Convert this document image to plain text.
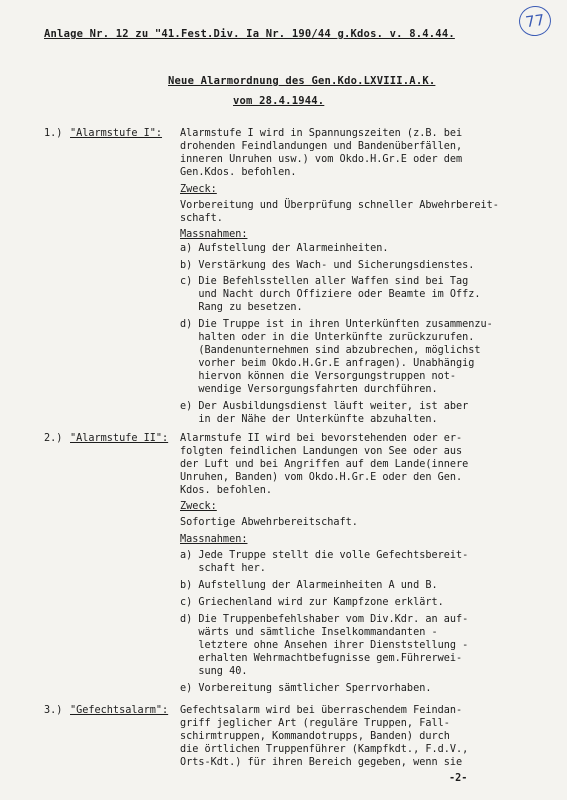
77
Anlage Nr. 12 zu "41.Fest.Div. Ia Nr. 190/44 g.Kdos. v. 8.4.44.
Neue Alarmordnung des Gen.Kdo.LXVIII.A.K.
vom 28.4.1944.
1.) "Alarmstufe I": Alarmstufe I wird in Spannungszeiten (z.B. bei
drohenden Feindlandungen und Bandenüberfällen,
inneren Unruhen usw.) vom Okdo.H.Gr.E oder dem
Gen.Kdos. befohlen.
Zweck:
Vorbereitung und Überprüfung schneller Abwehrbereit-
schaft.
Massnahmen:
a) Aufstellung der Alarmeinheiten.
b) Verstärkung des Wach- und Sicherungsdienstes.
c) Die Befehlsstellen aller Waffen sind bei Tag
und Nacht durch Offiziere oder Beamte im Offz.
Rang zu besetzen.
d) Die Truppe ist in ihren Unterkünften zusammenzu-
halten oder in die Unterkünfte zurückzurufen.
(Bandenunternehmen sind abzubrechen, möglichst
vorher beim Okdo.H.Gr.E anfragen). Unabhängig
hiervon können die Versorgungstruppen not-
wendige Versorgungsfahrten durchführen.
e) Der Ausbildungsdienst läuft weiter, ist aber
in der Nähe der Unterkünfte abzuhalten.
2.) "Alarmstufe II": Alarmstufe II wird bei bevorstehenden oder er-
folgten feindlichen Landungen von See oder aus
der Luft und bei Angriffen auf dem Lande(innere
Unruhen, Banden) vom Okdo.H.Gr.E oder den Gen.
Kdos. befohlen.
Zweck:
Sofortige Abwehrbereitschaft.
Massnahmen:
a) Jede Truppe stellt die volle Gefechtsbereit-
schaft her.
b) Aufstellung der Alarmeinheiten A und B.
c) Griechenland wird zur Kampfzone erklärt.
d) Die Truppenbefehlshaber vom Div.Kdr. an auf-
wärts und sämtliche Inselkommandanten -
letztere ohne Ansehen ihrer Dienststellung -
erhalten Wehrmachtbefugnisse gem.Führerwei-
sung 40.
e) Vorbereitung sämtlicher Sperrvorhaben.
3.) "Gefechtsalarm": Gefechtsalarm wird bei überraschendem Feindan-
griff jeglicher Art (reguläre Truppen, Fall-
schirmtruppen, Kommandotrupps, Banden) durch
die örtlichen Truppenführer (Kampfkdt., F.d.V.,
Orts-Kdt.) für ihren Bereich gegeben, wenn sie
-2-
